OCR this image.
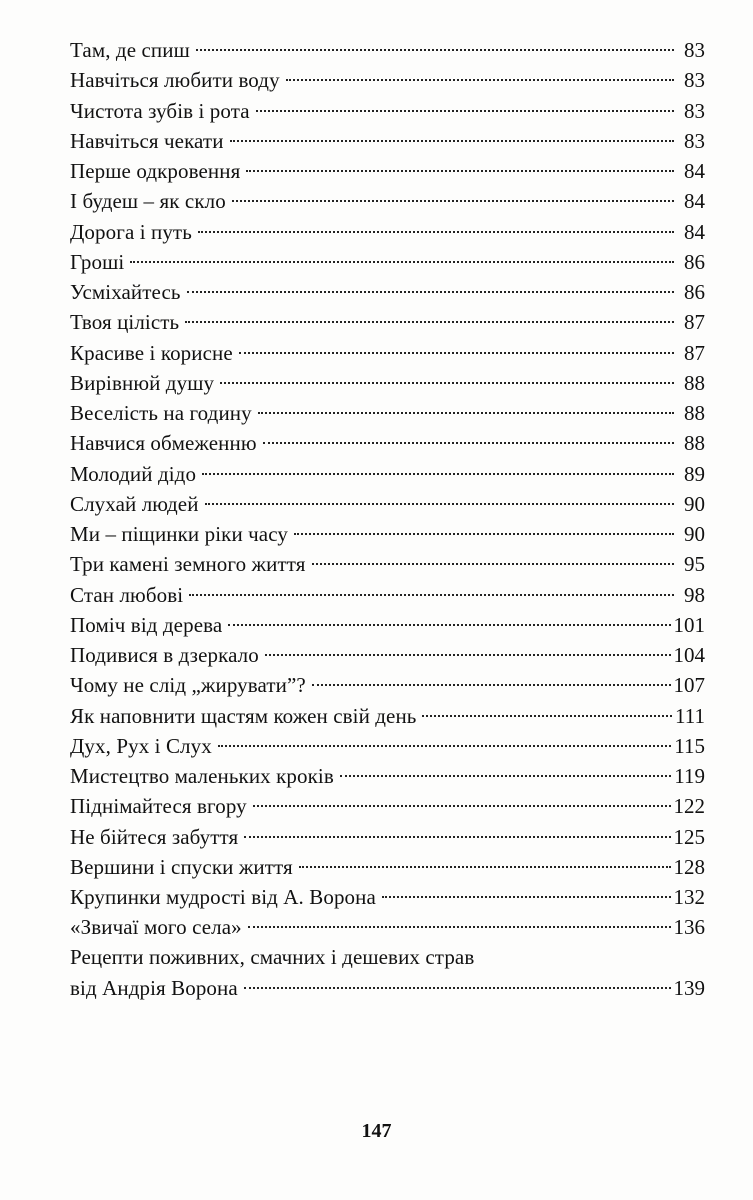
Там, де спиш	83
Навчіться любити воду	83
Чистота зубів і рота	83
Навчіться чекати	83
Перше одкровення	84
І будеш – як скло	84
Дорога і путь	84
Гроші	86
Усміхайтесь	86
Твоя цілість	87
Красиве і корисне	87
Вирівнюй душу	88
Веселість на годину	88
Навчися обмеженню	88
Молодий дідо	89
Слухай людей	90
Ми – піщинки ріки часу	90
Три камені земного життя	95
Стан любові	98
Поміч від дерева	101
Подивися в дзеркало	104
Чому не слід „жирувати”?	107
Як наповнити щастям кожен свій день	111
Дух, Рух і Слух	115
Мистецтво маленьких кроків	119
Піднімайтеся вгору	122
Не бійтеся забуття	125
Вершини і спуски життя	128
Крупинки мудрості від А. Ворона	132
«Звичаї мого села»	136
Рецепти поживних, смачних і дешевих страв
від Андрія Ворона	139
147
